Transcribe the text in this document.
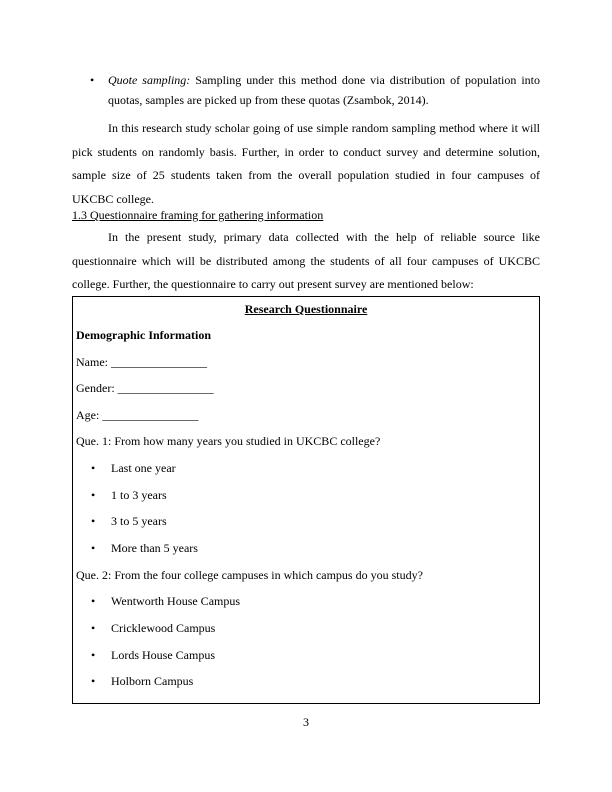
• Quote sampling: Sampling under this method done via distribution of population into quotas, samples are picked up from these quotas (Zsambok, 2014).
In this research study scholar going of use simple random sampling method where it will pick students on randomly basis. Further, in order to conduct survey and determine solution, sample size of 25 students taken from the overall population studied in four campuses of UKCBC college.
1.3 Questionnaire framing for gathering information
In the present study, primary data collected with the help of reliable source like questionnaire which will be distributed among the students of all four campuses of UKCBC college. Further, the questionnaire to carry out present survey are mentioned below:
Research Questionnaire
Demographic Information
Name: ________________
Gender: ________________
Age: ________________
Que. 1: From how many years you studied in UKCBC college?
• Last one year
• 1 to 3 years
• 3 to 5 years
• More than 5 years
Que. 2: From the four college campuses in which campus do you study?
• Wentworth House Campus
• Cricklewood Campus
• Lords House Campus
• Holborn Campus
3
